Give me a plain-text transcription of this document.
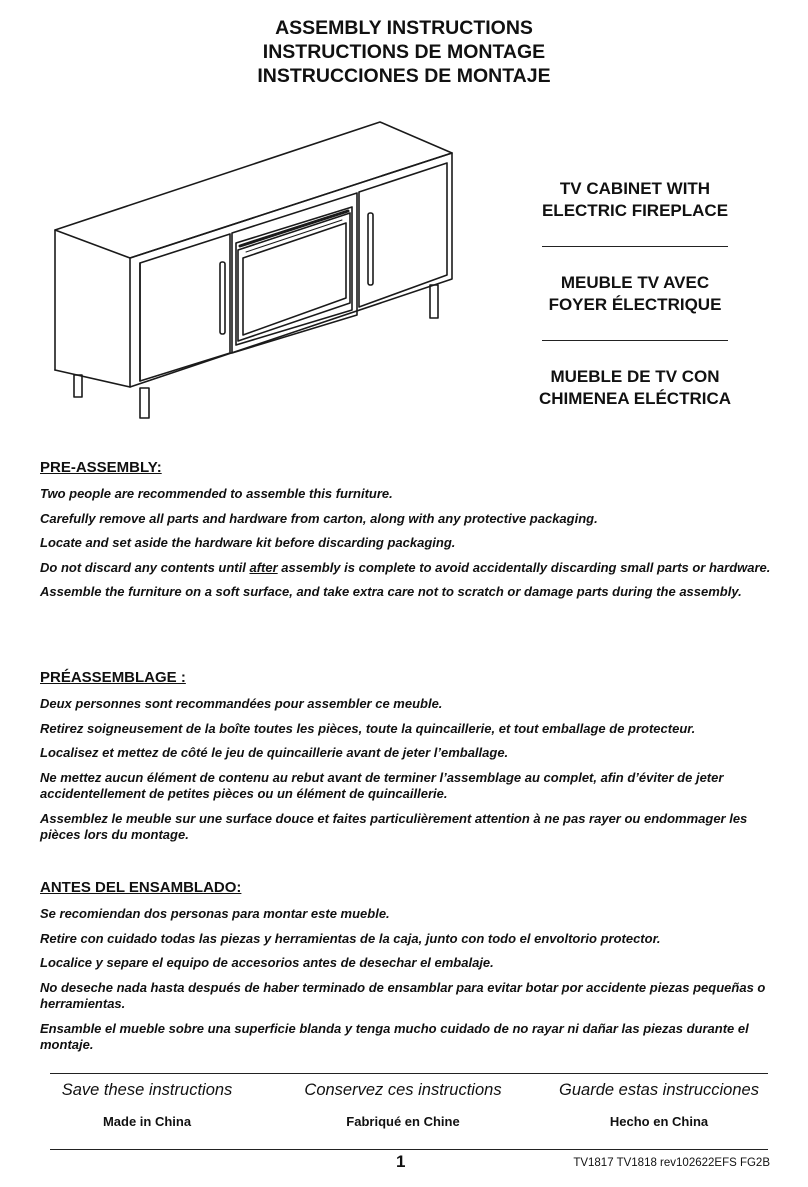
ASSEMBLY INSTRUCTIONS
INSTRUCTIONS DE MONTAGE
INSTRUCCIONES DE MONTAJE
TV CABINET WITH
ELECTRIC FIREPLACE
MEUBLE TV AVEC
FOYER ÉLECTRIQUE
MUEBLE DE TV CON
CHIMENEA ELÉCTRICA
PRE-ASSEMBLY:

Two people are recommended to assemble this furniture.

Carefully remove all parts and hardware from carton, along with any protective packaging.

Locate and set aside the hardware kit before discarding packaging.

Do not discard any contents until after assembly is complete to avoid accidentally discarding small parts or hardware.

Assemble the furniture on a soft surface, and take extra care not to scratch or damage parts during the assembly.

PRÉASSEMBLAGE :

Deux personnes sont recommandées pour assembler ce meuble.

Retirez soigneusement de la boîte toutes les pièces, toute la quincaillerie, et tout emballage de protecteur.

Localisez et mettez de côté le jeu de quincaillerie avant de jeter l’emballage.

Ne mettez aucun élément de contenu au rebut avant de terminer l’assemblage au complet, afin d’éviter de jeter accidentellement de petites pièces ou un élément de quincaillerie.

Assemblez le meuble sur une surface douce et faites particulièrement attention à ne pas rayer ou endommager les pièces lors du montage.

ANTES DEL ENSAMBLADO:

Se recomiendan dos personas para montar este mueble.

Retire con cuidado todas las piezas y herramientas de la caja, junto con todo el envoltorio protector.

Localice y separe el equipo de accesorios antes de desechar el embalaje.

No deseche nada hasta después de haber terminado de ensamblar para evitar botar por accidente piezas pequeñas o herramientas.

Ensamble el mueble sobre una superficie blanda y tenga mucho cuidado de no rayar ni dañar las piezas durante el montaje.

Save these instructions	Conservez ces instructions	Guarde estas instrucciones
Made in China	Fabriqué en Chine	Hecho en China
1	TV1817 TV1818 rev102622EFS FG2B
